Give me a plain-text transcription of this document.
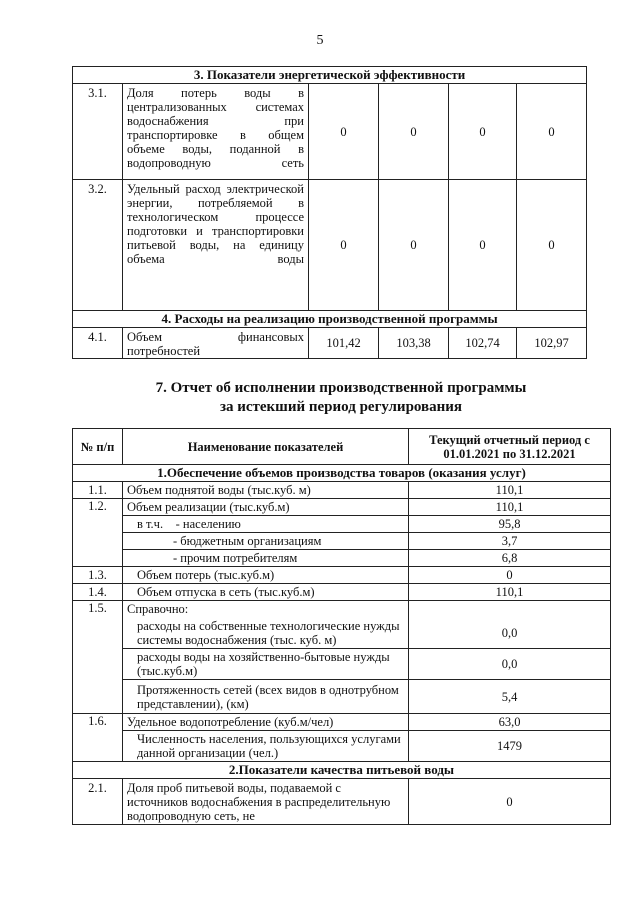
5
3. Показатели энергетической эффективности					
3.1.	Доля потерь воды в централизованных системах водоснабжения при транспортировке в общем объеме воды, поданной в водопроводную сеть	0	0	0	0
3.2.	Удельный расход электрической энергии, потребляемой в технологическом процессе подготовки и транспортировки питьевой воды, на единицу объема воды	0	0	0	0
4. Расходы на реализацию производственной программы					
4.1.	Объем финансовых потребностей	101,42	103,38	102,74	102,97
7. Отчет об исполнении производственной программы
за истекший период регулирования
№ п/п	Наименование показателей	Текущий отчетный период с 01.01.2021 по 31.12.2021
1.Обеспечение объемов производства товаров (оказания услуг)		
1.1.	Объем поднятой воды (тыс.куб. м)	110,1
1.2.	Объем реализации (тыс.куб.м)	110,1
	в т.ч. - населению	95,8
	- бюджетным организациям	3,7
	- прочим потребителям	6,8
1.3.	Объем потерь (тыс.куб.м)	0
1.4.	Объем отпуска в сеть (тыс.куб.м)	110,1
1.5.	Справочно:	
	расходы на собственные технологические нужды системы водоснабжения (тыс. куб. м)	0,0
	расходы воды на хозяйственно-бытовые нужды (тыс.куб.м)	0,0
	Протяженность сетей (всех видов в однотрубном представлении), (км)	5,4
1.6.	Удельное водопотребление (куб.м/чел)	63,0
	Численность населения, пользующихся услугами данной организации (чел.)	1479
2.Показатели качества питьевой воды		
2.1.	Доля проб питьевой воды, подаваемой с источников водоснабжения в распределительную водопроводную сеть, не	0
